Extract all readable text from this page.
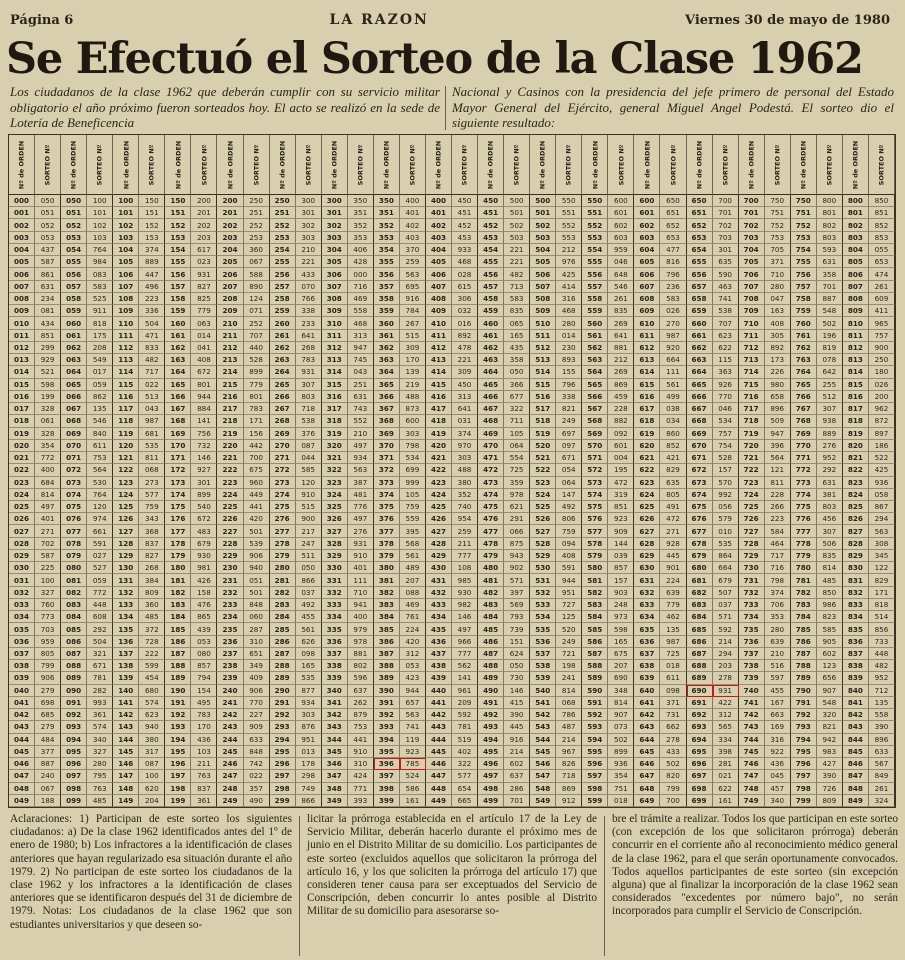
Página 6	LA RAZON	Viernes 30 de mayo de 1980
Se Efectuó el Sorteo de la Clase 1962
Los ciudadanos de la clase 1962 que deberán cumplir con su servicio militar obligatorio el año próximo fueron sorteados hoy. El acto se realizó en la sede de Lotería de Beneficencia
Nacional y Casinos con la presidencia del jefe primero de personal del Estado Mayor General del Ejército, general Miguel Angel Podestá. El sorteo dio el siguiente resultado:
Nº de ORDEN	SORTEO Nº	Nº de ORDEN	SORTEO Nº	Nº de ORDEN	SORTEO Nº	Nº de ORDEN	SORTEO Nº	Nº de ORDEN	SORTEO Nº	Nº de ORDEN	SORTEO Nº	Nº de ORDEN	SORTEO Nº	Nº de ORDEN	SORTEO Nº	Nº de ORDEN	SORTEO Nº	Nº de ORDEN	SORTEO Nº	Nº de ORDEN	SORTEO Nº	Nº de ORDEN	SORTEO Nº	Nº de ORDEN	SORTEO Nº	Nº de ORDEN	SORTEO Nº	Nº de ORDEN	SORTEO Nº	Nº de ORDEN	SORTEO Nº	Nº de ORDEN	SORTEO Nº
000	050	050	100	100	150	150	200	200	250	250	300	300	350	350	400	400	450	450	500	500	550	550	600	600	650	650	700	700	750	750	800	800	850
001	051	051	101	101	151	151	201	201	251	251	301	301	351	351	401	401	451	451	501	501	551	551	601	601	651	651	701	701	751	751	801	801	851
002	052	052	102	102	152	152	202	202	252	252	302	302	352	352	402	402	452	452	502	502	552	552	602	602	652	652	702	702	752	752	802	802	852
003	053	053	103	103	153	153	203	203	253	253	303	303	353	353	403	403	453	453	503	503	553	553	603	603	653	653	703	703	753	753	803	803	853
004	437	054	764	104	374	154	617	204	360	254	210	304	406	354	370	404	933	454	221	504	212	554	959	604	477	654	301	704	705	754	593	804	055
005	587	055	984	105	889	155	023	205	067	255	221	305	428	355	259	405	468	455	221	505	976	555	046	605	816	655	635	705	371	755	631	805	653
006	861	056	083	106	447	156	931	206	588	256	433	306	000	356	563	406	028	456	482	506	425	556	648	606	796	656	590	706	710	756	358	806	474
007	631	057	583	107	496	157	827	207	890	257	070	307	716	357	695	407	615	457	713	507	414	557	546	607	236	657	463	707	280	757	701	807	261
008	234	058	525	108	223	158	825	208	124	258	766	308	469	358	916	408	306	458	583	508	316	558	261	608	583	658	741	708	047	758	887	808	609
009	081	059	911	109	336	159	779	209	071	259	338	309	558	359	784	409	032	459	835	509	468	559	835	609	026	659	538	709	163	759	548	809	411
010	434	060	818	110	504	160	063	210	252	260	233	310	468	360	267	410	016	460	065	510	280	560	269	610	270	660	707	710	408	760	502	810	965
011	851	061	175	111	471	161	014	211	707	261	641	311	313	361	515	411	892	461	165	511	014	561	641	611	987	661	623	711	305	761	196	811	757
012	299	062	208	112	833	162	041	212	440	262	268	312	947	362	309	412	478	462	435	512	230	562	881	612	920	662	622	712	892	762	819	812	900
013	929	063	549	113	482	163	408	213	528	263	783	313	745	363	170	413	221	463	358	513	893	563	212	613	664	663	115	713	173	763	078	813	250
014	521	064	017	114	717	164	672	214	899	264	931	314	043	364	139	414	309	464	050	514	155	564	269	614	111	664	363	714	226	764	642	814	180
015	598	065	059	115	022	165	801	215	779	265	307	315	251	365	219	415	450	465	366	515	796	565	869	615	561	665	926	715	980	765	255	815	026
016	199	066	862	116	513	166	944	216	801	266	803	316	631	366	488	416	313	466	677	516	338	566	459	616	499	666	770	716	658	766	512	816	200
017	328	067	135	117	043	167	884	217	783	267	718	317	743	367	873	417	641	467	322	517	821	567	228	617	038	667	046	717	896	767	307	817	962
018	061	068	546	118	987	168	141	218	171	268	538	318	552	368	600	418	031	468	711	518	249	568	882	618	034	668	534	718	509	768	938	818	872
019	328	069	840	119	681	169	756	219	156	269	376	319	210	369	303	419	374	469	105	519	697	569	092	619	860	669	757	719	947	769	889	819	897
020	354	070	611	120	535	170	732	220	442	270	087	320	497	370	798	420	970	470	064	520	097	570	601	620	852	670	754	720	396	770	276	820	186
021	772	071	753	121	811	171	146	221	700	271	044	321	934	371	534	421	303	471	554	521	671	571	004	621	421	671	528	721	564	771	952	821	522
022	400	072	564	122	068	172	927	222	675	272	585	322	563	372	699	422	488	472	725	522	054	572	195	622	829	672	157	722	121	772	292	822	425
023	684	073	530	123	273	173	301	223	960	273	120	323	387	373	999	423	380	473	359	523	064	573	472	623	635	673	570	723	811	773	631	823	936
024	814	074	764	124	577	174	899	224	449	274	910	324	481	374	105	424	352	474	978	524	147	574	319	624	805	674	992	724	228	774	381	824	058
025	497	075	120	125	759	175	540	225	441	275	515	325	776	375	759	425	740	475	621	525	492	575	851	625	491	675	056	725	266	775	803	825	867
026	401	076	974	126	343	176	672	226	420	276	900	326	497	376	559	426	954	476	291	526	806	576	923	626	472	676	579	726	223	776	456	826	294
027	271	077	661	127	368	177	483	227	501	277	217	327	276	377	395	427	259	477	066	527	759	577	909	627	271	677	010	727	584	777	307	827	563
028	702	078	591	128	837	178	679	228	539	278	247	328	931	378	568	428	211	478	875	528	094	578	144	628	928	678	535	728	464	778	506	828	308
029	587	079	027	129	827	179	930	229	906	279	511	329	910	379	561	429	777	479	943	529	408	579	039	629	445	679	864	729	717	779	835	829	345
030	225	080	527	130	268	180	981	230	940	280	050	330	401	380	489	430	108	480	902	530	591	580	857	630	901	680	664	730	716	780	814	830	122
031	100	081	059	131	384	181	426	231	051	281	866	331	111	381	207	431	985	481	571	531	944	581	157	631	224	681	679	731	798	781	485	831	829
032	327	082	772	132	809	182	158	232	501	282	037	332	710	382	088	432	930	482	397	532	951	582	903	632	639	682	507	732	374	782	850	832	171
033	760	083	448	133	360	183	476	233	848	283	492	333	941	383	469	433	982	483	569	533	727	583	248	633	779	683	037	733	706	783	986	833	818
034	773	084	608	134	485	184	865	234	060	284	455	334	400	384	761	434	146	484	793	534	125	584	973	634	462	684	571	734	353	784	823	834	514
035	703	085	292	135	372	185	439	235	287	285	561	335	979	385	224	435	497	485	739	535	520	585	598	635	135	685	592	735	280	785	585	835	856
036	959	086	504	136	728	186	053	236	310	286	626	336	978	386	420	436	966	486	151	536	249	586	165	636	987	686	214	736	639	786	905	836	733
037	805	087	321	137	222	187	080	237	651	287	098	337	881	387	312	437	777	487	624	537	721	587	675	637	725	687	294	737	210	787	602	837	448
038	799	088	671	138	599	188	857	238	349	288	165	338	802	388	053	438	562	488	050	538	198	588	207	638	018	688	203	738	516	788	123	838	482
039	906	089	781	139	454	189	794	239	409	289	535	339	596	389	423	439	141	489	730	539	241	589	690	639	611	689	278	739	597	789	656	839	952
040	279	090	282	140	680	190	154	240	906	290	877	340	637	390	944	440	961	490	146	540	814	590	348	640	098	690	931	740	455	790	907	840	712
041	698	091	993	141	574	191	495	241	770	291	934	341	262	391	657	441	209	491	415	541	068	591	814	641	371	691	422	741	167	791	548	841	135
042	685	092	361	142	623	192	783	242	227	292	303	342	879	392	563	442	592	492	390	542	786	592	907	642	731	692	312	742	663	792	320	842	558
043	279	093	574	143	940	193	170	243	909	293	876	343	753	393	741	443	781	493	445	543	487	593	073	643	662	693	565	743	169	793	821	843	390
044	484	094	340	144	380	194	436	244	633	294	951	344	441	394	119	444	519	494	916	544	214	594	502	644	278	694	334	744	316	794	942	844	896
045	377	095	327	145	317	195	103	245	848	295	013	345	910	395	923	445	402	495	214	545	967	595	899	645	433	695	398	745	922	795	983	845	633
046	887	096	280	146	087	196	211	246	742	296	178	346	310	396	785	446	322	496	602	546	826	596	936	646	502	696	281	746	436	796	427	846	567
047	240	097	795	147	100	197	763	247	022	297	298	347	424	397	524	447	577	497	637	547	718	597	354	647	820	697	021	747	045	797	390	847	849
048	067	098	763	148	620	198	837	248	357	298	749	348	771	398	586	448	654	498	286	548	869	598	751	648	799	698	622	748	457	798	726	848	261
049	188	099	485	149	204	199	361	249	490	299	866	349	393	399	161	449	665	499	701	549	912	599	018	649	700	699	161	749	340	799	809	849	324
Aclaraciones: 1) Participan de este sorteo los siguientes ciudadanos: a) De la clase 1962 identificados antes del 1º de enero de 1980; b) Los infractores a la identificación de clases anteriores que hayan regularizado esa situación durante el año 1979. 2) No participan de este sorteo los ciudadanos de la clase 1962 y los infractores a la identificación de clases anteriores que se identificaron después del 31 de diciembre de 1979. Notas: Los ciudadanos de la clase 1962 que son estudiantes universitarios y que deseen so-
licitar la prórroga establecida en el artículo 17 de la Ley de Servicio Militar, deberán hacerlo durante el próximo mes de junio en el Distrito Militar de su domicilio. Los participantes de este sorteo (excluidos aquellos que solicitaron la prórroga del artículo 16, y los que soliciten la prórroga del artículo 17) que consideren tener causa para ser exceptuados del Servicio de Conscripción, deben concurrir lo antes posible al Distrito Militar de su domicilio para asesorarse so-
bre el trámite a realizar. Todos los que participan en este sorteo (con excepción de los que solicitaron prórroga) deberán concurrir en el corriente año al reconocimiento médico general de la clase 1962, para el que serán oportunamente convocados. Todos aquellos participantes de este sorteo (sin excepción alguna) que al finalizar la incorporación de la clase 1962 sean considerados "excedentes por número bajo", no serán incorporados para cumplir el Servicio de Conscripción.
